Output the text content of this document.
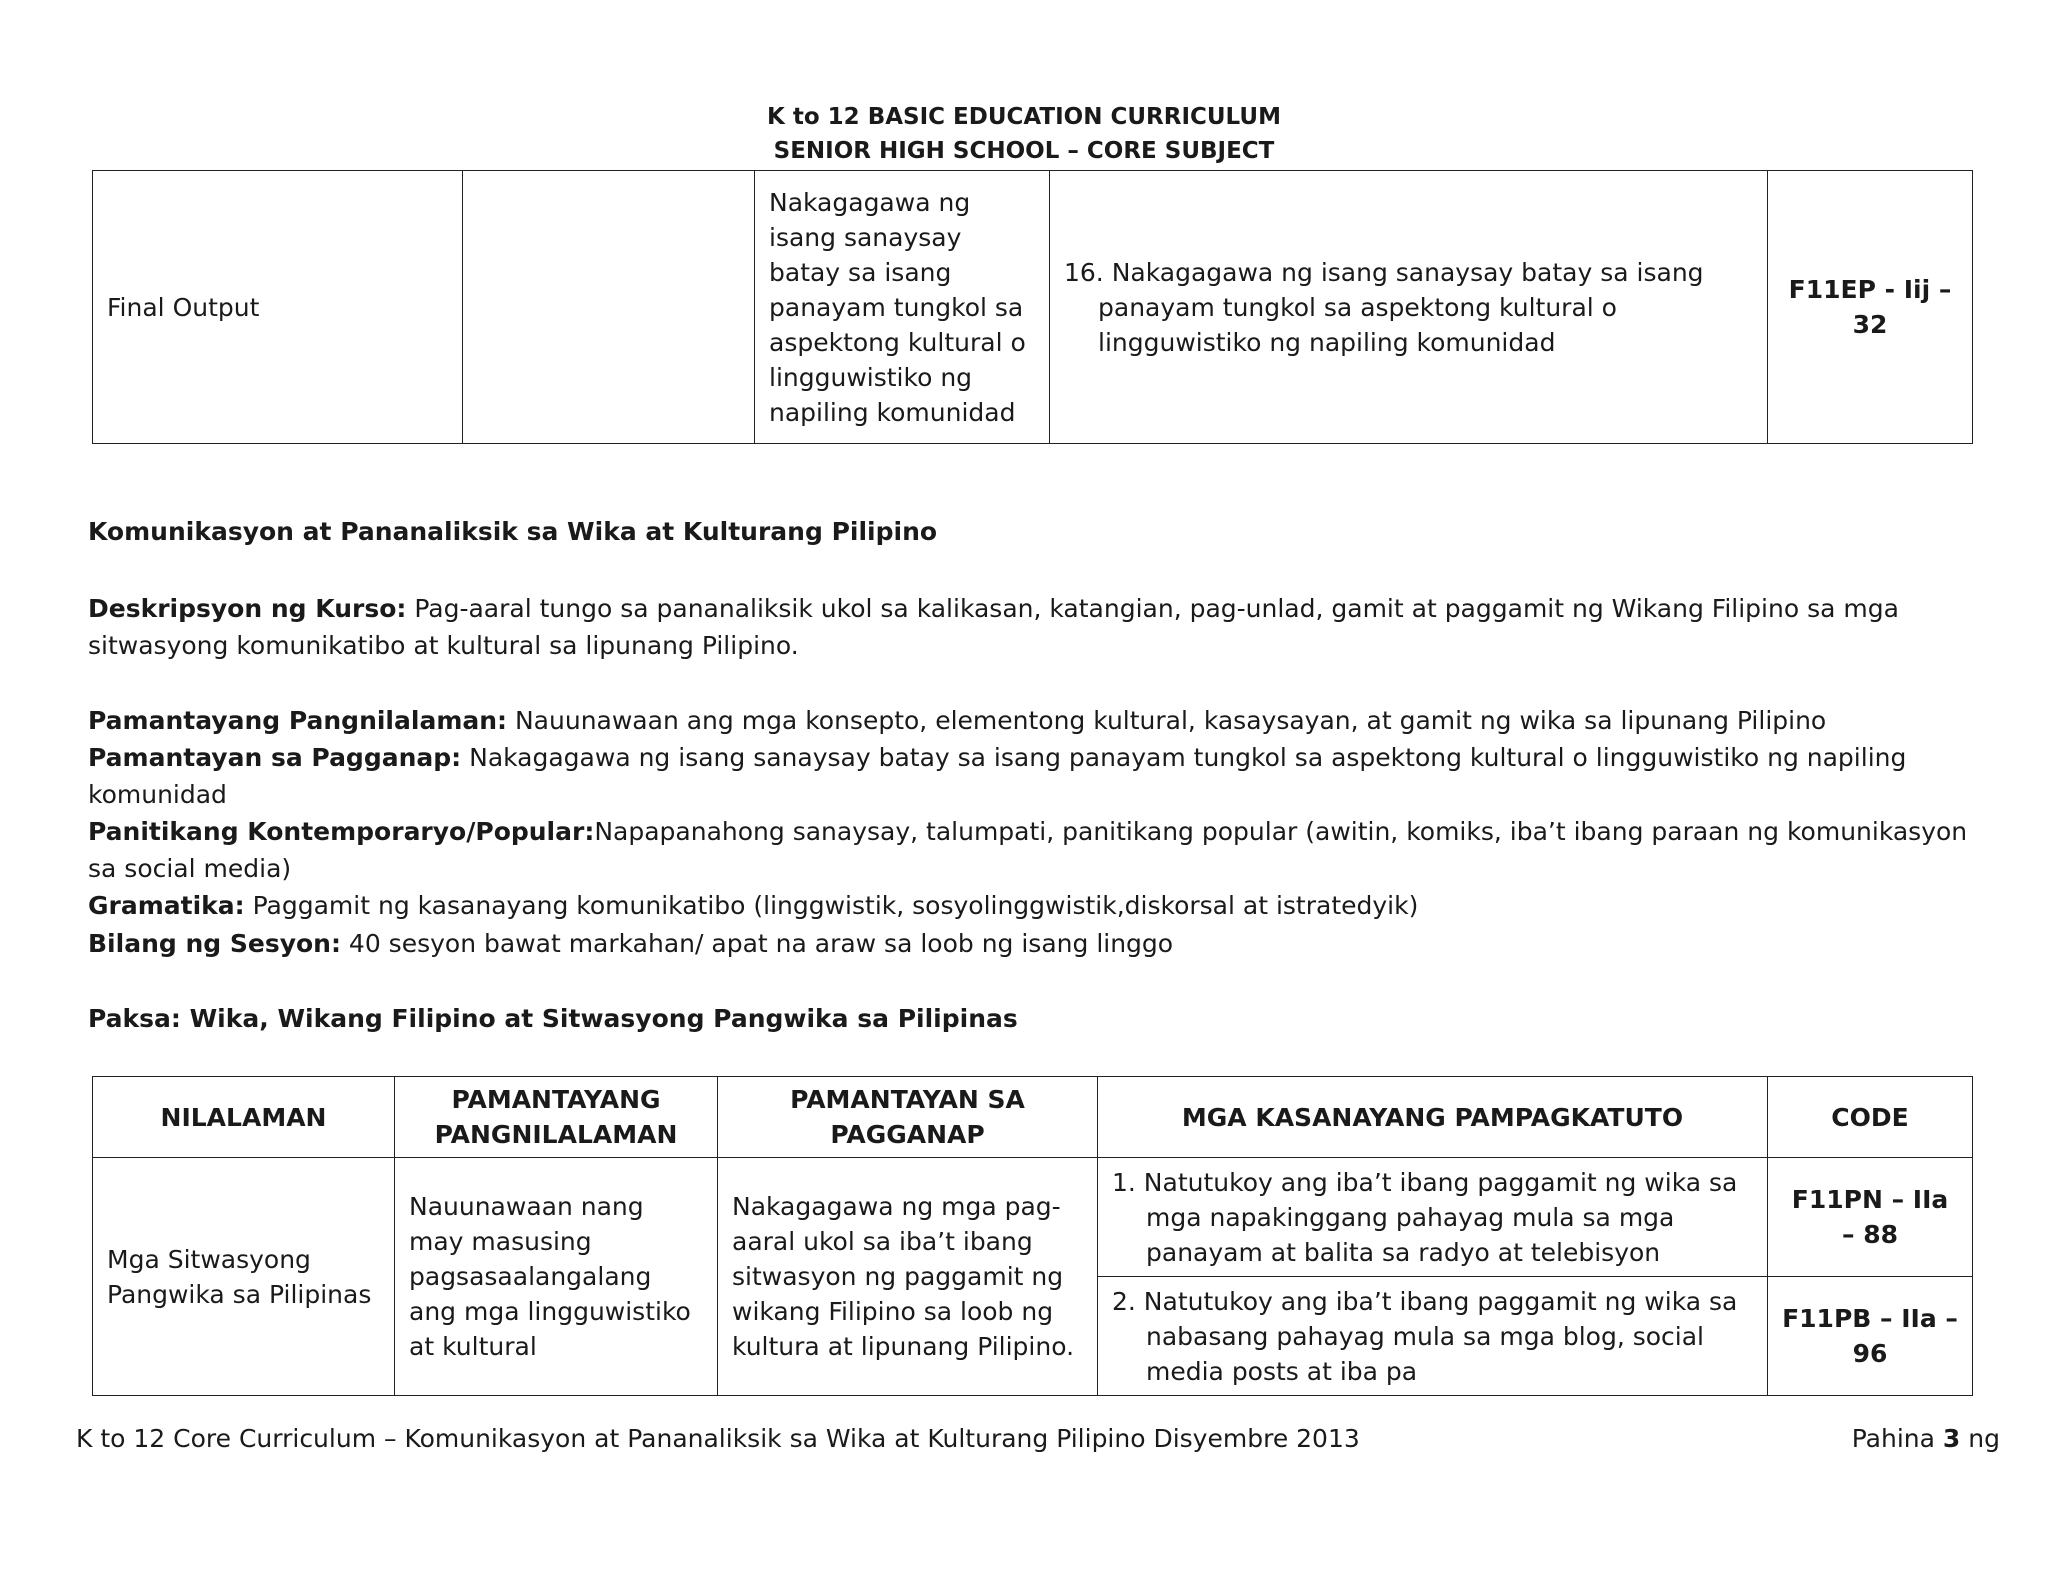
K to 12 BASIC EDUCATION CURRICULUM
SENIOR HIGH SCHOOL – CORE SUBJECT
Final Output		Nakagagawa ng isang sanaysay batay sa isang panayam tungkol sa aspektong kultural o lingguwistiko ng napiling komunidad	16. Nakagagawa ng isang sanaysay batay sa isang panayam tungkol sa aspektong kultural o lingguwistiko ng napiling komunidad	F11EP - Iij – 32
Komunikasyon at Pananaliksik sa Wika at Kulturang Pilipino
Deskripsyon ng Kurso: Pag-aaral tungo sa pananaliksik ukol sa kalikasan, katangian, pag-unlad, gamit at paggamit ng Wikang Filipino sa mga sitwasyong komunikatibo at kultural sa lipunang Pilipino.
Pamantayang Pangnilalaman: Nauunawaan ang mga konsepto, elementong kultural, kasaysayan, at gamit ng wika sa lipunang Pilipino
Pamantayan sa Pagganap: Nakagagawa ng isang sanaysay batay sa isang panayam tungkol sa aspektong kultural o lingguwistiko ng napiling komunidad
Panitikang Kontemporaryo/Popular:Napapanahong sanaysay, talumpati, panitikang popular (awitin, komiks, iba’t ibang paraan ng komunikasyon sa social media)
Gramatika: Paggamit ng kasanayang komunikatibo (linggwistik, sosyolinggwistik,diskorsal at istratedyik)
Bilang ng Sesyon: 40 sesyon bawat markahan/ apat na araw sa loob ng isang linggo
Paksa: Wika, Wikang Filipino at Sitwasyong Pangwika sa Pilipinas
NILALAMAN	PAMANTAYANG PANGNILALAMAN	PAMANTAYAN SA PAGGANAP	MGA KASANAYANG PAMPAGKATUTO	CODE
Mga Sitwasyong Pangwika sa Pilipinas	Nauunawaan nang may masusing pagsasaalangalang ang mga lingguwistiko at kultural	Nakagagawa ng mga pag-aaral ukol sa iba’t ibang sitwasyon ng paggamit ng wikang Filipino sa loob ng kultura at lipunang Pilipino.	1. Natutukoy ang iba’t ibang paggamit ng wika sa mga napakinggang pahayag mula sa mga panayam at balita sa radyo at telebisyon	F11PN – IIa – 88
			2. Natutukoy ang iba’t ibang paggamit ng wika sa nabasang pahayag mula sa mga blog, social media posts at iba pa	F11PB – IIa – 96
K to 12 Core Curriculum – Komunikasyon at Pananaliksik sa Wika at Kulturang Pilipino Disyembre 2013	Pahina 3 ng
